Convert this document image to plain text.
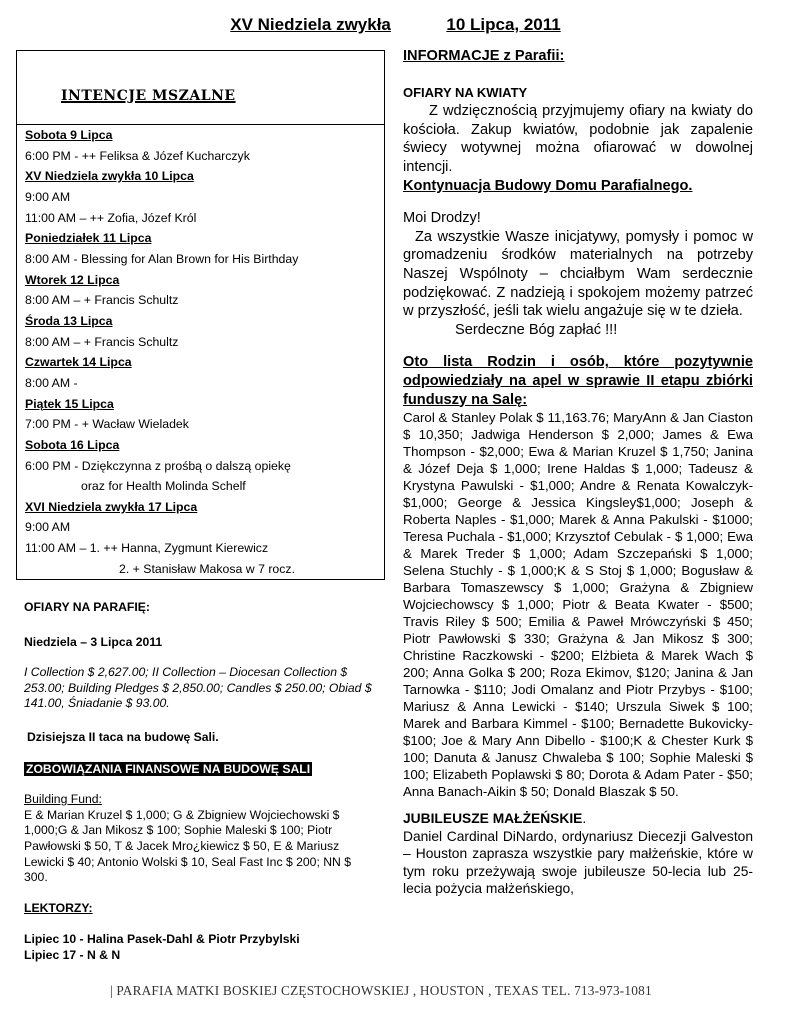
XV Niedziela zwykła	10 Lipca, 2011
INTENCJE MSZALNE
Sobota 9 Lipca
6:00 PM - ++ Feliksa & Józef Kucharczyk
XV Niedziela zwykła 10 Lipca
9:00 AM
11:00 AM – ++ Zofia, Józef Król
Poniedziałek 11 Lipca
8:00 AM - Blessing for Alan Brown for His Birthday
Wtorek 12 Lipca
8:00 AM – + Francis Schultz
Środa 13 Lipca
8:00 AM – + Francis Schultz
Czwartek 14 Lipca
8:00 AM -
Piątek 15 Lipca
7:00 PM - + Wacław Wieladek
Sobota 16 Lipca
6:00 PM - Dziękczynna z prośbą o dalszą opiekę
oraz for Health Molinda Schelf
XVI Niedziela zwykła 17 Lipca
9:00 AM
11:00 AM – 1. ++ Hanna, Zygmunt Kierewicz
2. + Stanisław Makosa w 7 rocz.

OFIARY NA PARAFIĘ:

Niedziela – 3 Lipca 2011

I Collection $ 2,627.00; II Collection – Diocesan Collection $ 253.00; Building Pledges $ 2,850.00; Candles $ 250.00; Obiad $ 141.00, Śniadanie $ 93.00.

Dzisiejsza II taca na budowę Sali.

ZOBOWIĄZANIA FINANSOWE NA BUDOWĘ SALI

Building Fund:

E & Marian Kruzel $ 1,000; G & Zbigniew Wojciechowski $ 1,000;G & Jan Mikosz $ 100; Sophie Maleski $ 100; Piotr Pawłowski $ 50, T & Jacek Mro¿kiewicz $ 50, E & Mariusz Lewicki $ 40; Antonio Wolski $ 10, Seal Fast Inc $ 200; NN $ 300.

LEKTORZY:

Lipiec 10 - Halina Pasek-Dahl & Piotr Przybylski

Lipiec 17 - N & N

INFORMACJE z Parafii:

OFIARY NA KWIATY

Z wdzięcznością przyjmujemy ofiary na kwiaty do kościoła. Zakup kwiatów, podobnie jak zapalenie świecy wotywnej można ofiarować w dowolnej intencji.

Kontynuacja Budowy Domu Parafialnego.

Moi Drodzy!

Za wszystkie Wasze inicjatywy, pomysły i pomoc w gromadzeniu środków materialnych na potrzeby Naszej Wspólnoty – chciałbym Wam serdecznie podziękować. Z nadzieją i spokojem możemy patrzeć w przyszłość, jeśli tak wielu angażuje się w te dzieła.

Serdeczne Bóg zapłać !!!

Oto lista Rodzin i osób, które pozytywnie odpowiedziały na apel w sprawie II etapu zbiórki funduszy na Salę:

Carol & Stanley Polak $ 11,163.76; MaryAnn & Jan Ciaston $ 10,350; Jadwiga Henderson $ 2,000; James & Ewa Thompson - $2,000; Ewa & Marian Kruzel $ 1,750; Janina & Józef Deja $ 1,000; Irene Haldas $ 1,000; Tadeusz & Krystyna Pawulski - $1,000; Andre & Renata Kowalczyk- $1,000; George & Jessica Kingsley$1,000; Joseph & Roberta Naples - $1,000; Marek & Anna Pakulski - $1000; Teresa Puchala - $1,000; Krzysztof Cebulak - $ 1,000; Ewa & Marek Treder $ 1,000; Adam Szczepański $ 1,000; Selena Stuchly - $ 1,000;K & S Stoj $ 1,000; Bogusław & Barbara Tomaszewscy $ 1,000; Grażyna & Zbigniew Wojciechowscy $ 1,000; Piotr & Beata Kwater - $500; Travis Riley $ 500; Emilia & Paweł Mrówczyński $ 450; Piotr Pawłowski $ 330; Grażyna & Jan Mikosz $ 300; Christine Raczkowski - $200; Elżbieta & Marek Wach $ 200; Anna Golka $ 200; Roza Ekimov, $120; Janina & Jan Tarnowka - $110; Jodi Omalanz and Piotr Przybys - $100; Mariusz & Anna Lewicki - $140; Urszula Siwek $ 100; Marek and Barbara Kimmel - $100; Bernadette Bukovicky- $100; Joe & Mary Ann Dibello - $100;K & Chester Kurk $ 100; Danuta & Janusz Chwaleba $ 100; Sophie Maleski $ 100; Elizabeth Poplawski $ 80; Dorota & Adam Pater - $50; Anna Banach-Aikin $ 50; Donald Blaszak $ 50.

JUBILEUSZE MAŁŻEŃSKIE.

Daniel Cardinal DiNardo, ordynariusz Diecezji Galveston – Houston zaprasza wszystkie pary małżeńskie, które w tym roku przeżywają swoje jubileusze 50-lecia lub 25-lecia pożycia małżeńskiego,

| PARAFIA MATKI BOSKIEJ CZĘSTOCHOWSKIEJ , HOUSTON , TEXAS TEL. 713-973-1081
